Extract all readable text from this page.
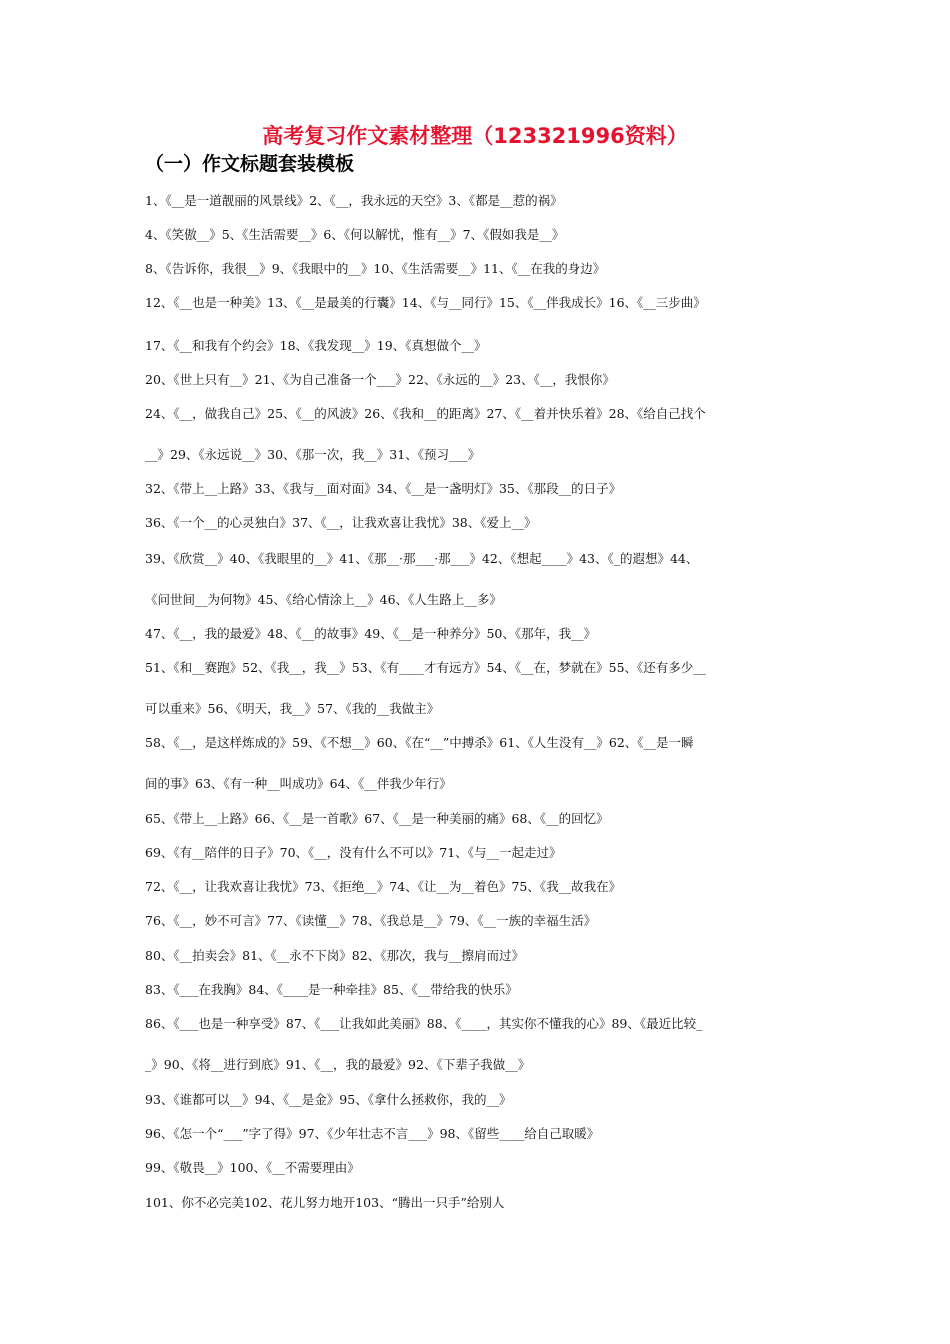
高考复习作文素材整理（123321996资料）
（一）作文标题套装模板
1、《__是一道靓丽的风景线》2、《__，我永远的天空》3、《都是__惹的祸》
4、《笑傲__》5、《生活需要__》6、《何以解忧，惟有__》7、《假如我是__》
8、《告诉你，我很__》9、《我眼中的__》10、《生活需要__》11、《__在我的身边》
12、《__也是一种美》13、《__是最美的行囊》14、《与__同行》15、《__伴我成长》16、《__三步曲》
17、《__和我有个约会》18、《我发现__》19、《真想做个__》
20、《世上只有__》21、《为自己准备一个___》22、《永远的__》23、《__，我恨你》
24、《__，做我自己》25、《__的风波》26、《我和__的距离》27、《__着并快乐着》28、《给自己找个
__》29、《永远说__》30、《那一次，我__》31、《预习___》
32、《带上__上路》33、《我与__面对面》34、《__是一盏明灯》35、《那段__的日子》
36、《一个__的心灵独白》37、《__，让我欢喜让我忧》38、《爱上__》
39、《欣赏__》40、《我眼里的__》41、《那__·那___·那___》42、《想起____》43、《_的遐想》44、
《问世间__为何物》45、《给心情涂上__》46、《人生路上__多》
47、《__，我的最爱》48、《__的故事》49、《__是一种养分》50、《那年，我__》
51、《和__赛跑》52、《我__，我__》53、《有____才有远方》54、《__在，梦就在》55、《还有多少__
可以重来》56、《明天，我__》57、《我的__我做主》
58、《__，是这样炼成的》59、《不想__》60、《在“__”中搏杀》61、《人生没有__》62、《__是一瞬
间的事》63、《有一种__叫成功》64、《__伴我少年行》
65、《带上__上路》66、《__是一首歌》67、《__是一种美丽的痛》68、《__的回忆》
69、《有__陪伴的日子》70、《__，没有什么不可以》71、《与__一起走过》
72、《__，让我欢喜让我忧》73、《拒绝__》74、《让__为__着色》75、《我__故我在》
76、《__，妙不可言》77、《读懂__》78、《我总是__》79、《__一族的幸福生活》
80、《__拍卖会》81、《__永不下岗》82、《那次，我与__擦肩而过》
83、《___在我胸》84、《____是一种牵挂》85、《__带给我的快乐》
86、《___也是一种享受》87、《___让我如此美丽》88、《____，其实你不懂我的心》89、《最近比较_
_》90、《将__进行到底》91、《__，我的最爱》92、《下辈子我做__》
93、《谁都可以__》94、《__是金》95、《拿什么拯救你，我的__》
96、《怎一个“___”字了得》97、《少年壮志不言___》98、《留些____给自己取暖》
99、《敬畏__》100、《__不需要理由》
101、你不必完美102、花儿努力地开103、“腾出一只手”给别人
